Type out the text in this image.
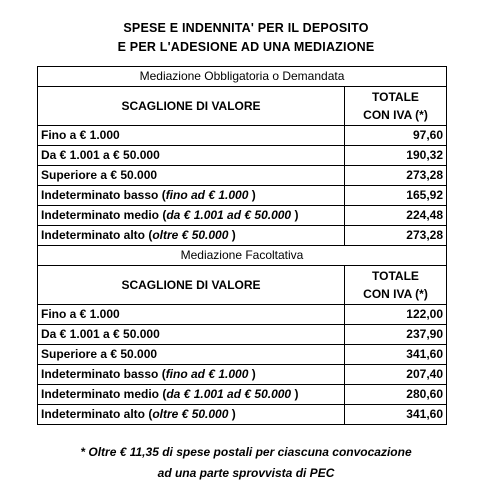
SPESE E INDENNITA' PER IL DEPOSITO
E PER L'ADESIONE AD UNA MEDIAZIONE
Mediazione Obbligatoria o Demandata	
SCAGLIONE DI VALORE	TOTALE
CON IVA (*)

Fino a € 1.000	97,60
Da € 1.001 a € 50.000	190,32
Superiore a € 50.000	273,28
Indeterminato basso (fino ad € 1.000 )	165,92
Indeterminato medio (da € 1.001 ad € 50.000 )	224,48
Indeterminato alto (oltre € 50.000 )	273,28
Mediazione Facoltativa	
SCAGLIONE DI VALORE	TOTALE
CON IVA (*)

Fino a € 1.000	122,00
Da € 1.001 a € 50.000	237,90
Superiore a € 50.000	341,60
Indeterminato basso (fino ad € 1.000 )	207,40
Indeterminato medio (da € 1.001 ad € 50.000 )	280,60
Indeterminato alto (oltre € 50.000 )	341,60
* Oltre € 11,35 di spese postali per ciascuna convocazione
ad una parte sprovvista di PEC
